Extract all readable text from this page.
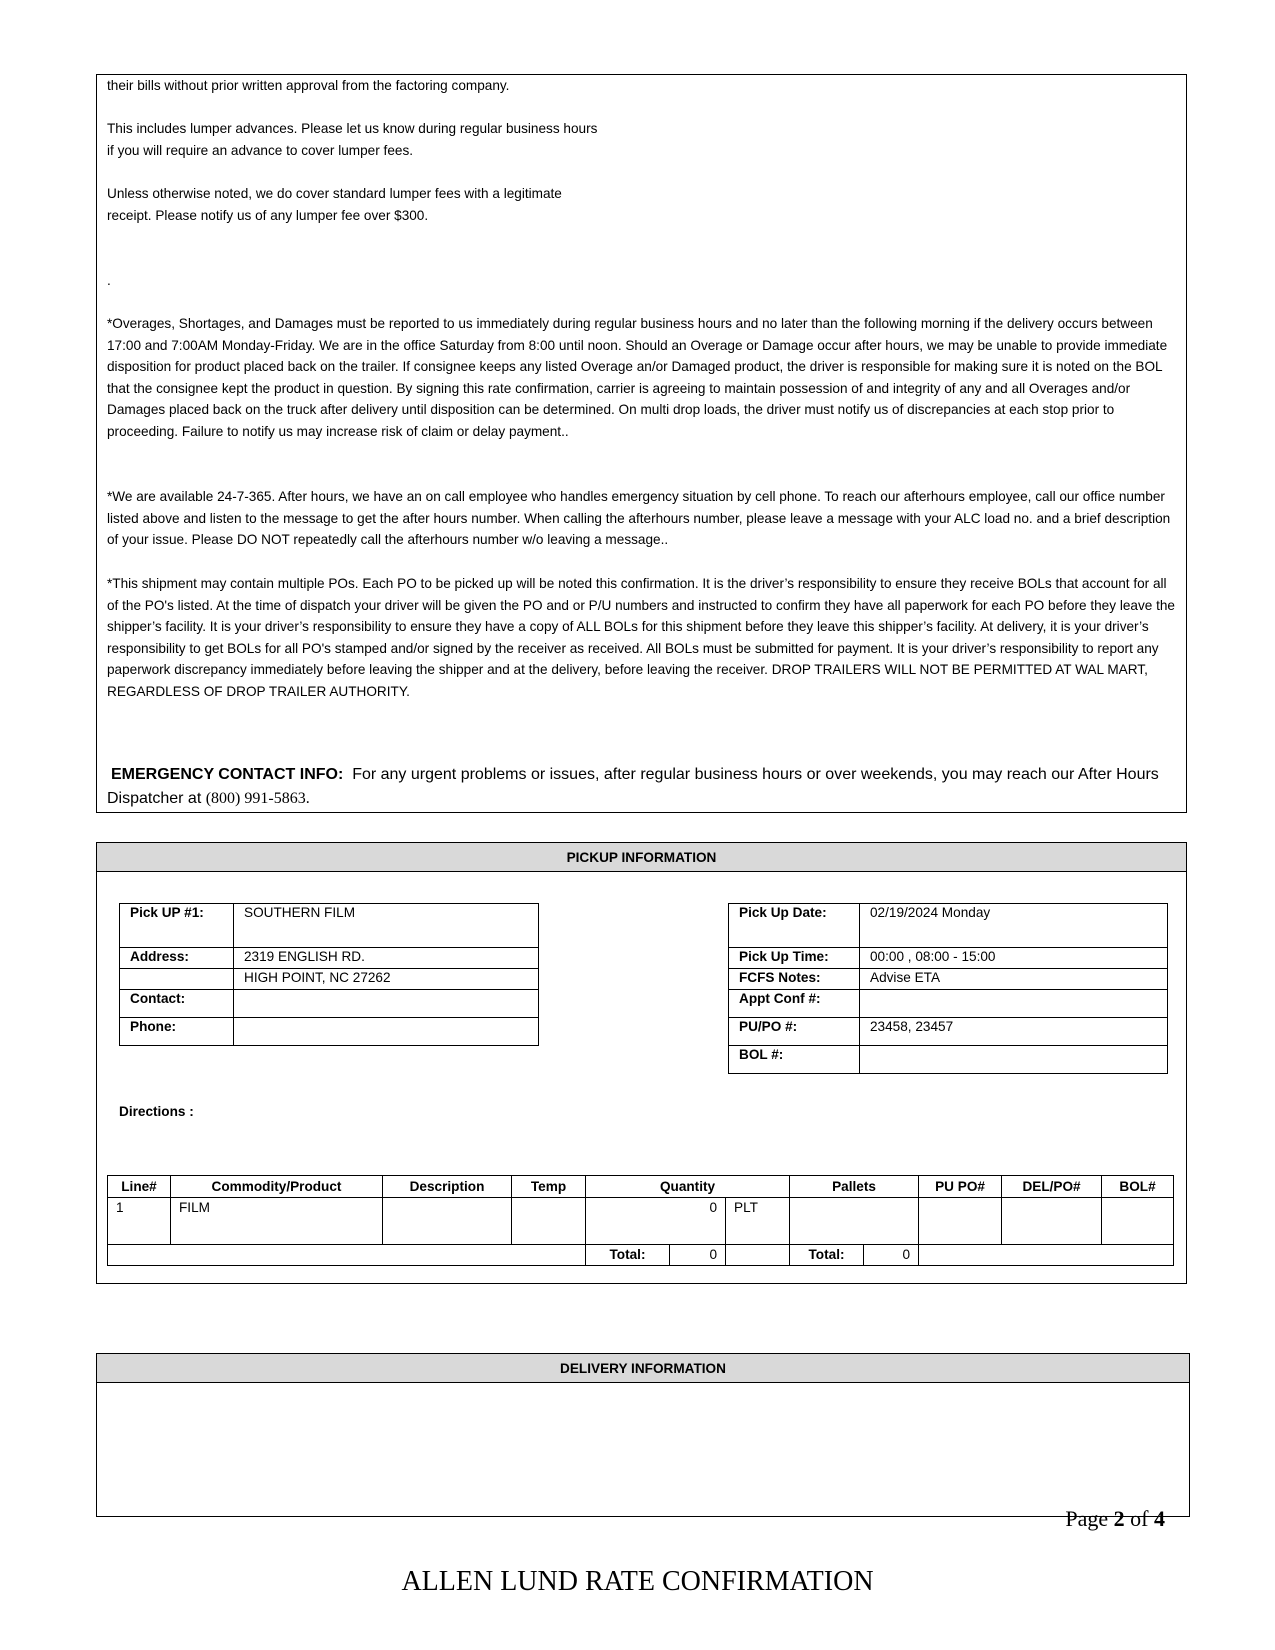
their bills without prior written approval from the factoring company.

This includes lumper advances. Please let us know during regular business hours if you will require an advance to cover lumper fees.

Unless otherwise noted, we do cover standard lumper fees with a legitimate receipt. Please notify us of any lumper fee over $300.

.

*Overages, Shortages, and Damages must be reported to us immediately during regular business hours and no later than the following morning if the delivery occurs between 17:00 and 7:00AM Monday-Friday. We are in the office Saturday from 8:00 until noon. Should an Overage or Damage occur after hours, we may be unable to provide immediate disposition for product placed back on the trailer. If consignee keeps any listed Overage an/or Damaged product, the driver is responsible for making sure it is noted on the BOL that the consignee kept the product in question. By signing this rate confirmation, carrier is agreeing to maintain possession of and integrity of any and all Overages and/or Damages placed back on the truck after delivery until disposition can be determined. On multi drop loads, the driver must notify us of discrepancies at each stop prior to proceeding. Failure to notify us may increase risk of claim or delay payment..

*We are available 24-7-365. After hours, we have an on call employee who handles emergency situation by cell phone. To reach our afterhours employee, call our office number listed above and listen to the message to get the after hours number. When calling the afterhours number, please leave a message with your ALC load no. and a brief description of your issue. Please DO NOT repeatedly call the afterhours number w/o leaving a message..

*This shipment may contain multiple POs. Each PO to be picked up will be noted this confirmation. It is the driver’s responsibility to ensure they receive BOLs that account for all of the PO's listed. At the time of dispatch your driver will be given the PO and or P/U numbers and instructed to confirm they have all paperwork for each PO before they leave the shipper’s facility. It is your driver’s responsibility to ensure they have a copy of ALL BOLs for this shipment before they leave this shipper’s facility. At delivery, it is your driver’s responsibility to get BOLs for all PO's stamped and/or signed by the receiver as received. All BOLs must be submitted for payment. It is your driver’s responsibility to report any paperwork discrepancy immediately before leaving the shipper and at the delivery, before leaving the receiver. DROP TRAILERS WILL NOT BE PERMITTED AT WAL MART, REGARDLESS OF DROP TRAILER AUTHORITY.

EMERGENCY CONTACT INFO: For any urgent problems or issues, after regular business hours or over weekends, you may reach our After Hours Dispatcher at (800) 991-5863.
PICKUP INFORMATION
Pick UP #1:	SOUTHERN FILM
Address:	2319 ENGLISH RD.
	HIGH POINT, NC 27262
Contact:	
Phone:	
Pick Up Date:	02/19/2024 Monday
Pick Up Time:	00:00 , 08:00 - 15:00
FCFS Notes:	Advise ETA
Appt Conf #:	
PU/PO #:	23458, 23457
BOL #:	
Directions :
Line#	Commodity/Product	Description	Temp	Quantity			Pallets		PU PO#	DEL/PO#	BOL#
1	FILM			0		PLT					
				Total:	0		Total:	0			
DELIVERY INFORMATION
Page 2 of 4
ALLEN LUND RATE CONFIRMATION
